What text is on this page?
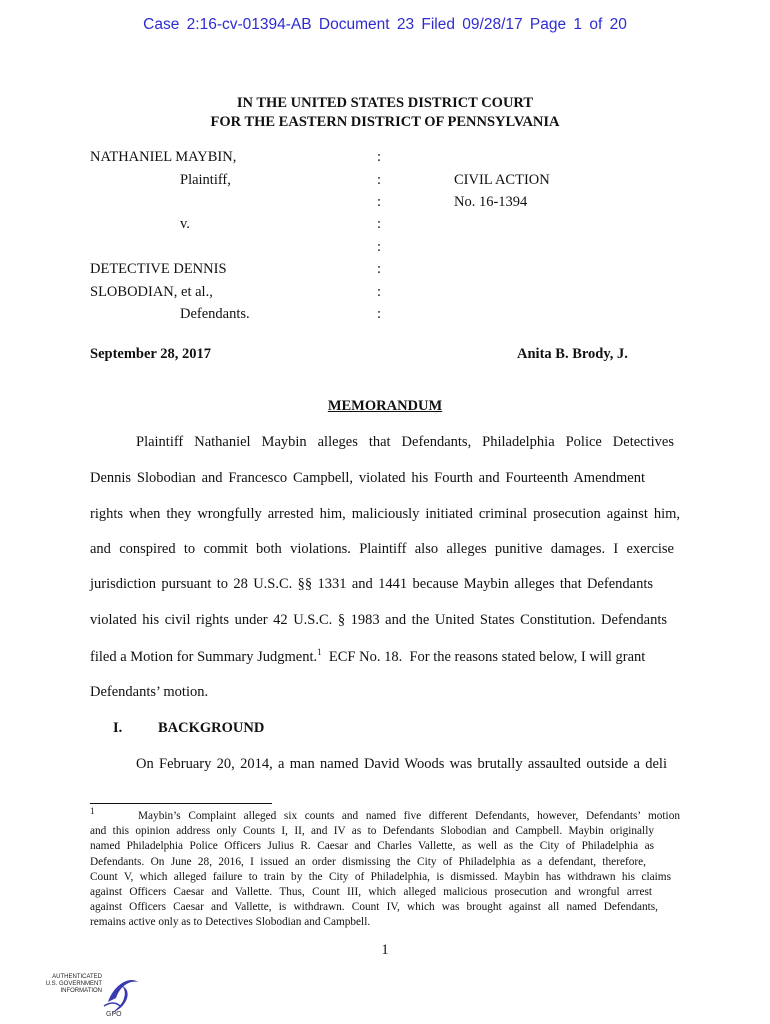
Case 2:16-cv-01394-AB Document 23 Filed 09/28/17 Page 1 of 20
IN THE UNITED STATES DISTRICT COURT
FOR THE EASTERN DISTRICT OF PENNSYLVANIA
NATHANIEL MAYBIN,
Plaintiff,
v.
DETECTIVE DENNIS
SLOBODIAN, et al.,
Defendants.
:
:
:
:
:
:
:
:
CIVIL ACTION
No. 16-1394
September 28, 2017	Anita B. Brody, J.
MEMORANDUM
Plaintiff Nathaniel Maybin alleges that Defendants, Philadelphia Police Detectives
Dennis Slobodian and Francesco Campbell, violated his Fourth and Fourteenth Amendment
rights when they wrongfully arrested him, maliciously initiated criminal prosecution against him,
and conspired to commit both violations. Plaintiff also alleges punitive damages. I exercise
jurisdiction pursuant to 28 U.S.C. §§ 1331 and 1441 because Maybin alleges that Defendants
violated his civil rights under 42 U.S.C. § 1983 and the United States Constitution. Defendants
filed a Motion for Summary Judgment.$^1$  ECF No. 18.  For the reasons stated below, I will grant
Defendants’ motion.
I. BACKGROUND
On February 20, 2014, a man named David Woods was brutally assaulted outside a deli
1	Maybin’s Complaint alleged six counts and named five different Defendants, however, Defendants’ motion
and this opinion address only Counts I, II, and IV as to Defendants Slobodian and Campbell. Maybin originally
named Philadelphia Police Officers Julius R. Caesar and Charles Vallette, as well as the City of Philadelphia as
Defendants. On June 28, 2016, I issued an order dismissing the City of Philadelphia as a defendant, therefore,
Count V, which alleged failure to train by the City of Philadelphia, is dismissed. Maybin has withdrawn his claims
against Officers Caesar and Vallette. Thus, Count III, which alleged malicious prosecution and wrongful arrest
against Officers Caesar and Vallette, is withdrawn. Count IV, which was brought against all named Defendants,
remains active only as to Detectives Slobodian and Campbell.
1
AUTHENTICATED
U.S. GOVERNMENT
INFORMATION
GPO
